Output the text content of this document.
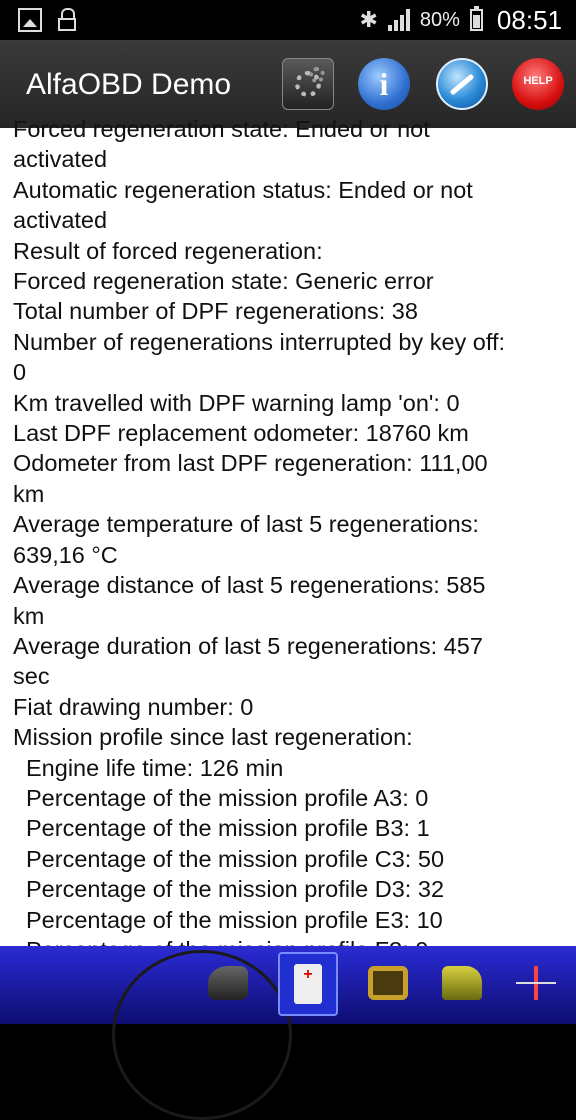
✱ 80% 08:51
AlfaOBD Demo	i	HELP
Forced regeneration state: Ended or not
activated
Automatic regeneration status: Ended or not
activated
Result of forced regeneration:
Forced regeneration state: Generic error
Total number of DPF regenerations: 38
Number of regenerations interrupted by key off:
0
Km travelled with DPF warning lamp 'on': 0
Last DPF replacement odometer: 18760 km
Odometer from last DPF regeneration: 111,00
km
Average temperature of last 5 regenerations:
639,16 °C
Average distance of last 5 regenerations: 585
km
Average duration of last 5 regenerations: 457
sec
Fiat drawing number: 0
Mission profile since last regeneration:
Engine life time: 126 min
Percentage of the mission profile A3: 0
Percentage of the mission profile B3: 1
Percentage of the mission profile C3: 50
Percentage of the mission profile D3: 32
Percentage of the mission profile E3: 10
+
